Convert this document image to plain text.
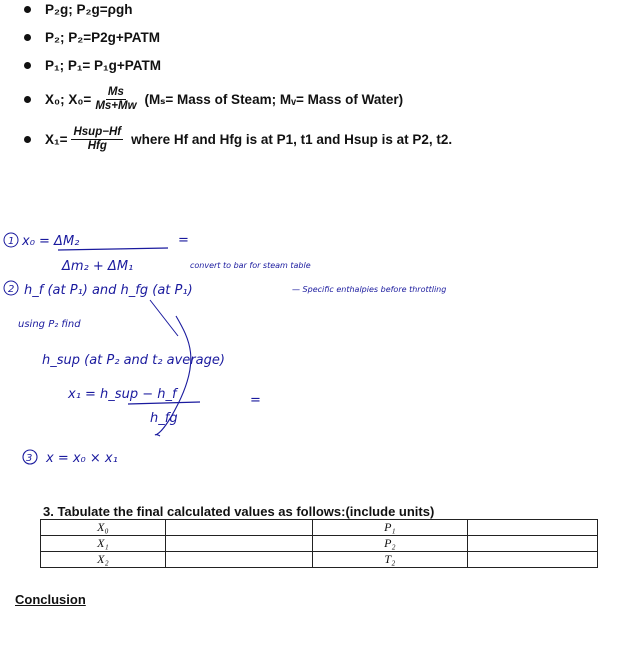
P₂g; P₂g=ρgh
P₂; P₂=P2g+PATM
P₁; P₁= P₁g+PATM
X₀; $X_0= \frac{Ms}{Ms+Mw} (M_s=$ Mass of Steam; Mᵥ= Mass of Water)
$X_1= \frac{\text{Hsup−Hf}}{\text{Hfg}}$ where Hf and Hfg is at P1, t1 and Hsup is at P2, t2.
1 x₀ = ΔM₂
Δm₂ + ΔM₁
=
convert to bar for steam table
2 h_f (at P₁) and h_fg (at P₁)	— Specific enthalpies before throttling
using P₂ find
h_sup (at P₂ and t₂ average)
x₁ = h_sup − h_f
h_fg
=
3 x = x₀ × x₁
3. Tabulate the final calculated values as follows:(include units)
X₀		P₁	
X₁		P₂	
X₂		T₂	
Conclusion
